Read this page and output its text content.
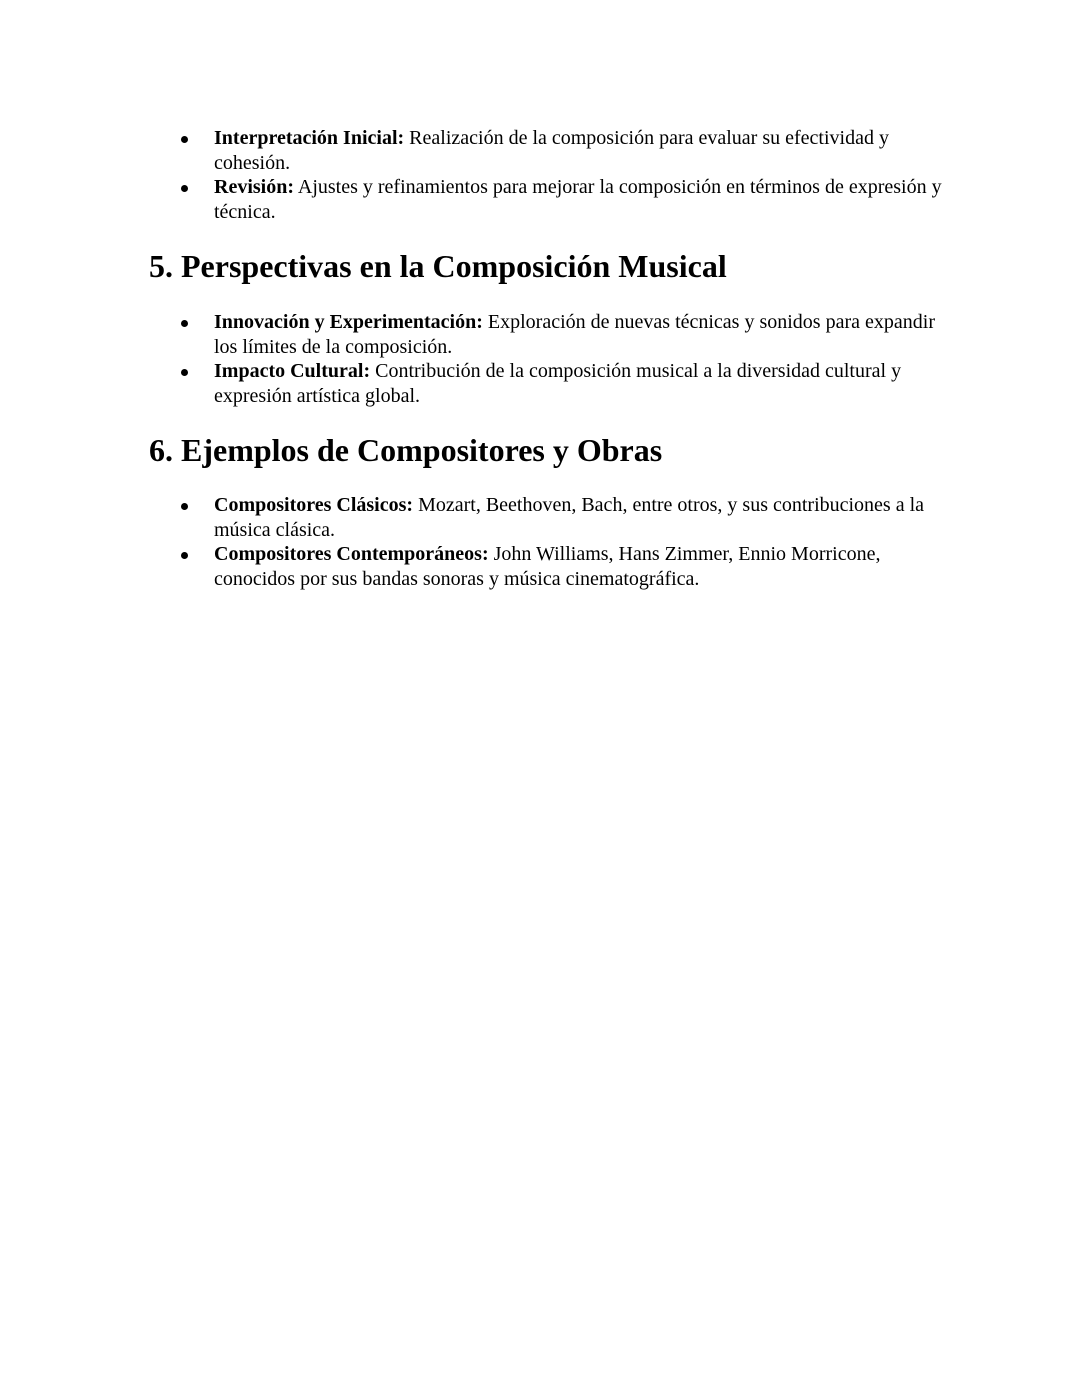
Interpretación Inicial: Realización de la composición para evaluar su efectividad y cohesión.
Revisión: Ajustes y refinamientos para mejorar la composición en términos de expresión y técnica.
5. Perspectivas en la Composición Musical
Innovación y Experimentación: Exploración de nuevas técnicas y sonidos para expandir los límites de la composición.
Impacto Cultural: Contribución de la composición musical a la diversidad cultural y expresión artística global.
6. Ejemplos de Compositores y Obras
Compositores Clásicos: Mozart, Beethoven, Bach, entre otros, y sus contribuciones a la música clásica.
Compositores Contemporáneos: John Williams, Hans Zimmer, Ennio Morricone, conocidos por sus bandas sonoras y música cinematográfica.
